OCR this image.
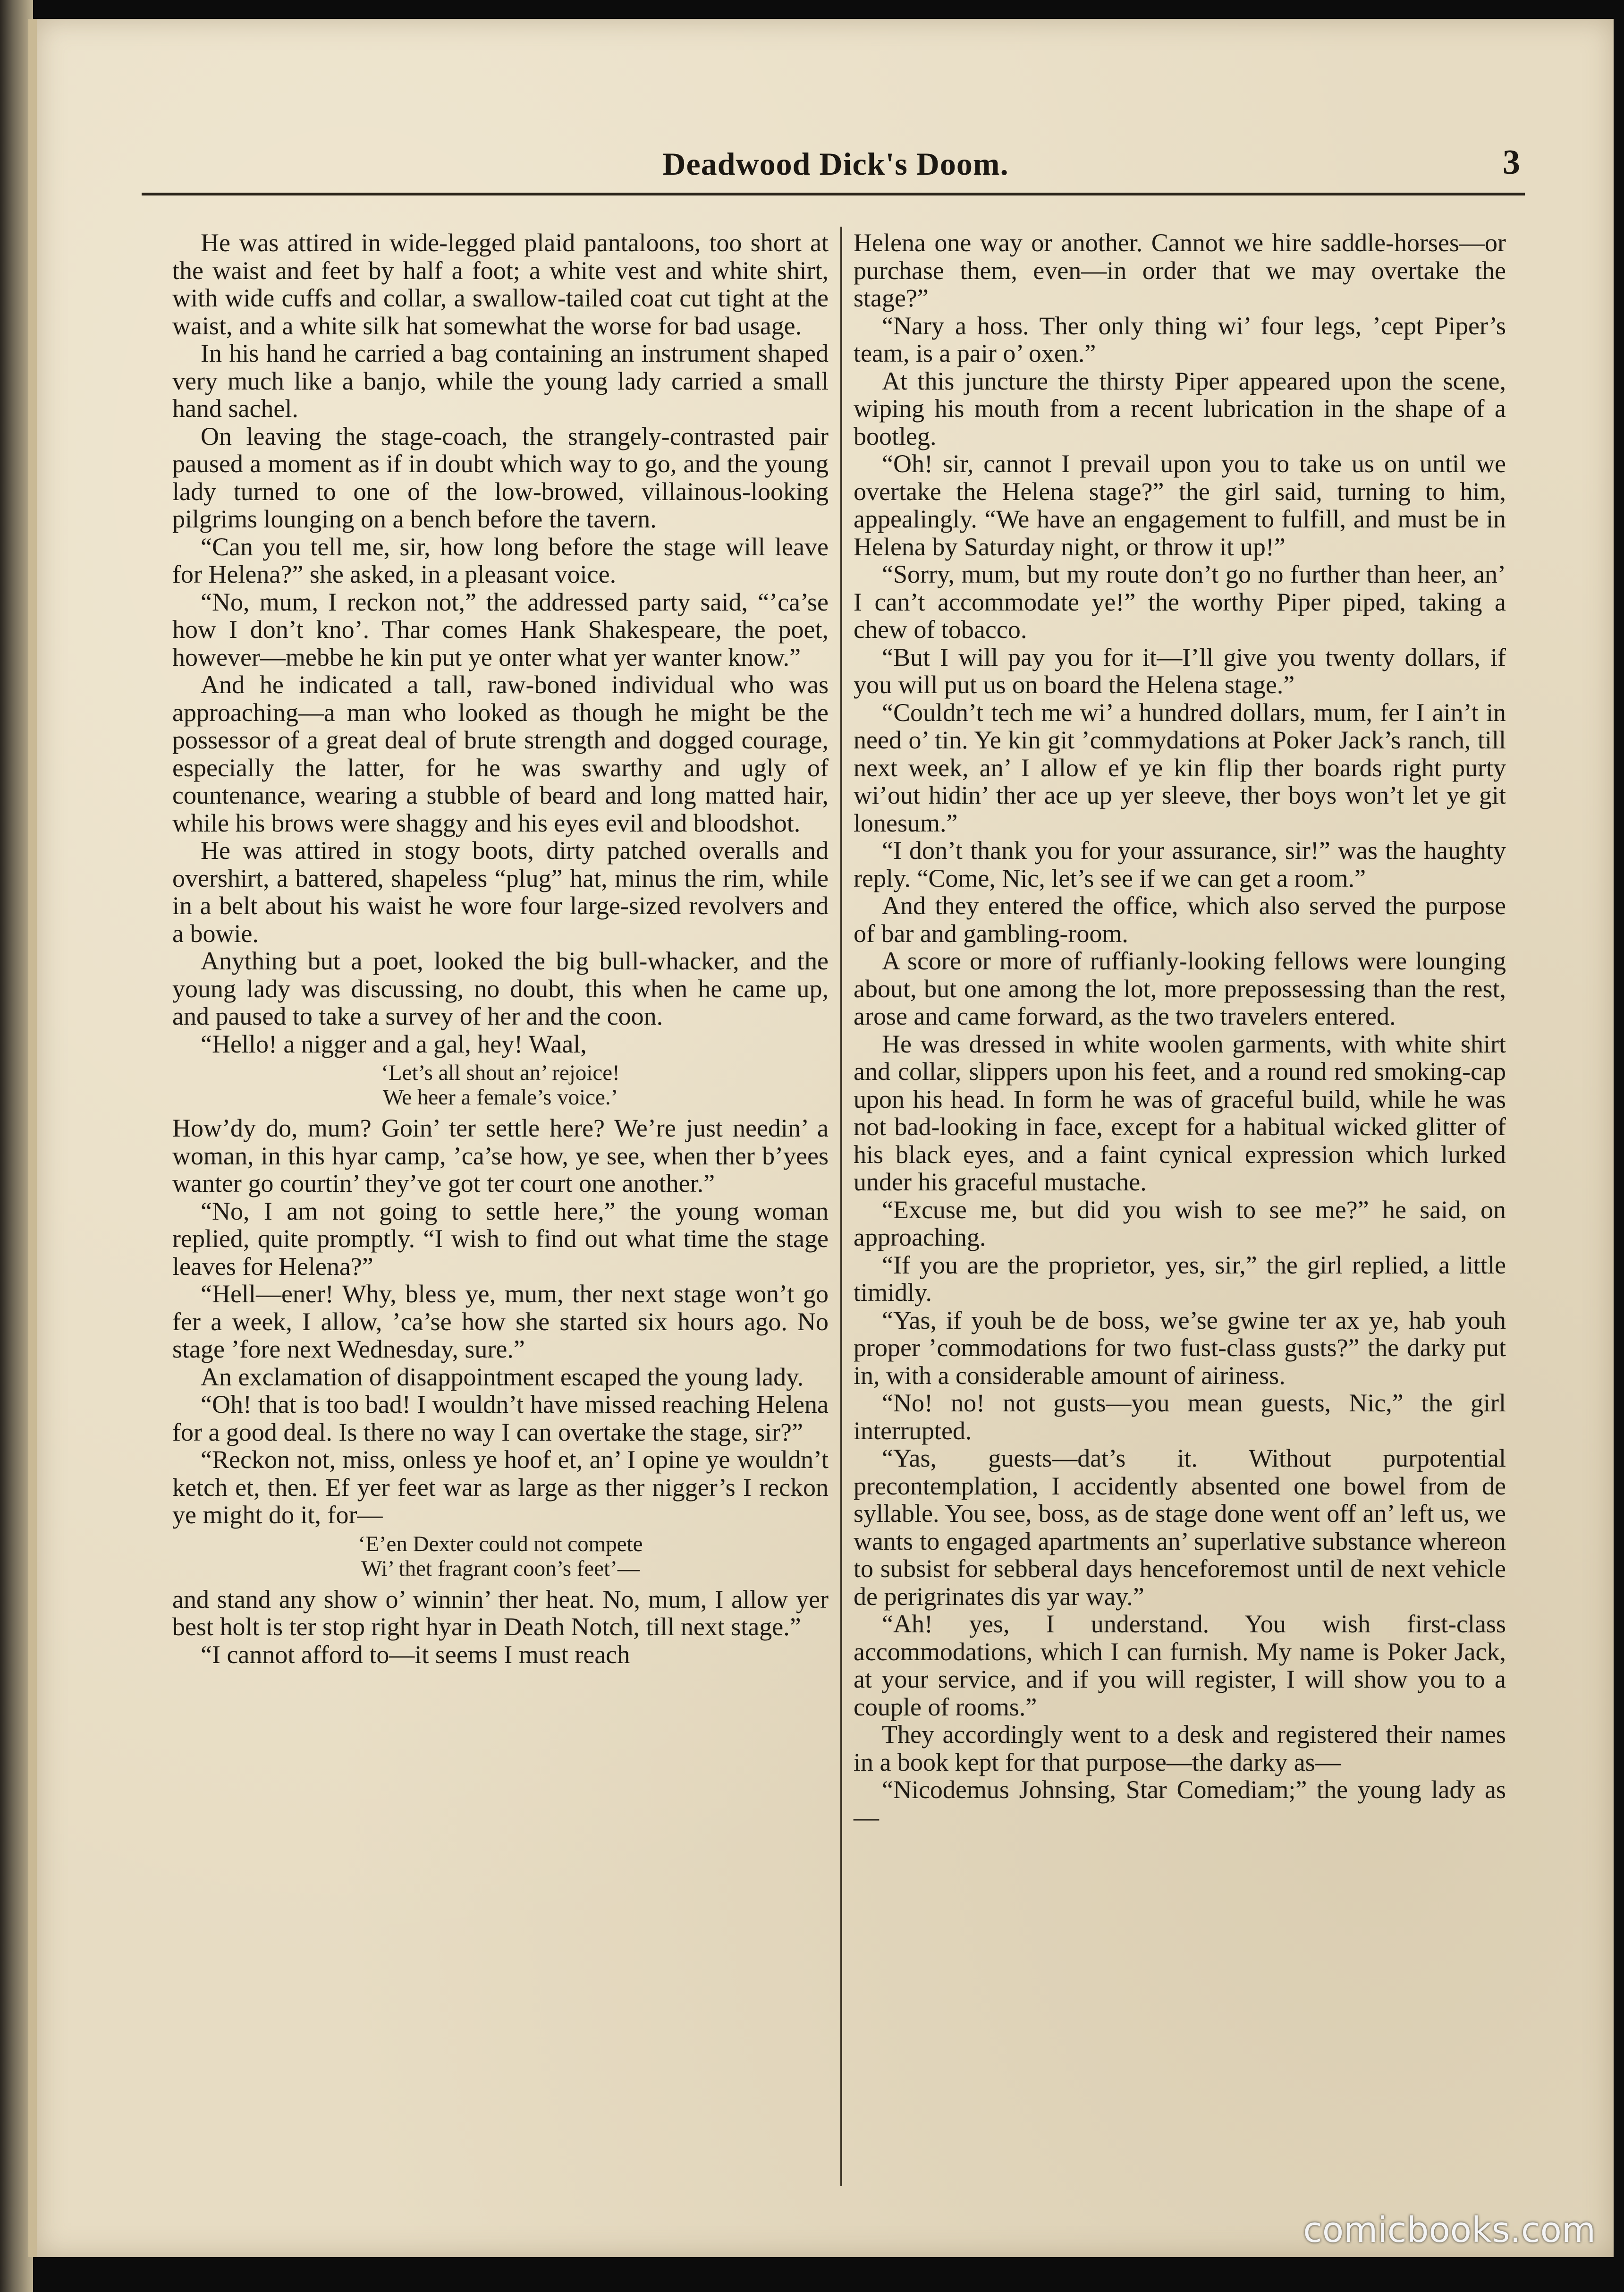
Deadwood Dick's Doom.	3

He was attired in wide-legged plaid pantaloons, too short at the waist and feet by half a foot; a white vest and white shirt, with wide cuffs and collar, a swallow-tailed coat cut tight at the waist, and a white silk hat somewhat the worse for bad usage.

In his hand he carried a bag containing an instrument shaped very much like a banjo, while the young lady carried a small hand sachel.

On leaving the stage-coach, the strangely-contrasted pair paused a moment as if in doubt which way to go, and the young lady turned to one of the low-browed, villainous-looking pilgrims lounging on a bench before the tavern.

“Can you tell me, sir, how long before the stage will leave for Helena?” she asked, in a pleasant voice.

“No, mum, I reckon not,” the addressed party said, “’ca’se how I don’t kno’. Thar comes Hank Shakespeare, the poet, however—mebbe he kin put ye onter what yer wanter know.”

And he indicated a tall, raw-boned individual who was approaching—a man who looked as though he might be the possessor of a great deal of brute strength and dogged courage, especially the latter, for he was swarthy and ugly of countenance, wearing a stubble of beard and long matted hair, while his brows were shaggy and his eyes evil and bloodshot.

He was attired in stogy boots, dirty patched overalls and overshirt, a battered, shapeless “plug” hat, minus the rim, while in a belt about his waist he wore four large-sized revolvers and a bowie.

Anything but a poet, looked the big bull-whacker, and the young lady was discussing, no doubt, this when he came up, and paused to take a survey of her and the coon.

“Hello! a nigger and a gal, hey! Waal,

‘Let’s all shout an’ rejoice!
We heer a female’s voice.’

How’dy do, mum? Goin’ ter settle here? We’re just needin’ a woman, in this hyar camp, ’ca’se how, ye see, when ther b’yees wanter go courtin’ they’ve got ter court one another.”

“No, I am not going to settle here,” the young woman replied, quite promptly. “I wish to find out what time the stage leaves for Helena?”

“Hell—ener! Why, bless ye, mum, ther next stage won’t go fer a week, I allow, ’ca’se how she started six hours ago. No stage ’fore next Wednesday, sure.”

An exclamation of disappointment escaped the young lady.

“Oh! that is too bad! I wouldn’t have missed reaching Helena for a good deal. Is there no way I can overtake the stage, sir?”

“Reckon not, miss, onless ye hoof et, an’ I opine ye wouldn’t ketch et, then. Ef yer feet war as large as ther nigger’s I reckon ye might do it, for—

‘E’en Dexter could not compete
Wi’ thet fragrant coon’s feet’—

and stand any show o’ winnin’ ther heat. No, mum, I allow yer best holt is ter stop right hyar in Death Notch, till next stage.”

“I cannot afford to—it seems I must reach

Helena one way or another. Cannot we hire saddle-horses—or purchase them, even—in order that we may overtake the stage?”

“Nary a hoss. Ther only thing wi’ four legs, ’cept Piper’s team, is a pair o’ oxen.”

At this juncture the thirsty Piper appeared upon the scene, wiping his mouth from a recent lubrication in the shape of a bootleg.

“Oh! sir, cannot I prevail upon you to take us on until we overtake the Helena stage?” the girl said, turning to him, appealingly. “We have an engagement to fulfill, and must be in Helena by Saturday night, or throw it up!”

“Sorry, mum, but my route don’t go no further than heer, an’ I can’t accommodate ye!” the worthy Piper piped, taking a chew of tobacco.

“But I will pay you for it—I’ll give you twenty dollars, if you will put us on board the Helena stage.”

“Couldn’t tech me wi’ a hundred dollars, mum, fer I ain’t in need o’ tin. Ye kin git ’commydations at Poker Jack’s ranch, till next week, an’ I allow ef ye kin flip ther boards right purty wi’out hidin’ ther ace up yer sleeve, ther boys won’t let ye git lonesum.”

“I don’t thank you for your assurance, sir!” was the haughty reply. “Come, Nic, let’s see if we can get a room.”

And they entered the office, which also served the purpose of bar and gambling-room.

A score or more of ruffianly-looking fellows were lounging about, but one among the lot, more prepossessing than the rest, arose and came forward, as the two travelers entered.

He was dressed in white woolen garments, with white shirt and collar, slippers upon his feet, and a round red smoking-cap upon his head. In form he was of graceful build, while he was not bad-looking in face, except for a habitual wicked glitter of his black eyes, and a faint cynical expression which lurked under his graceful mustache.

“Excuse me, but did you wish to see me?” he said, on approaching.

“If you are the proprietor, yes, sir,” the girl replied, a little timidly.

“Yas, if youh be de boss, we’se gwine ter ax ye, hab youh proper ’commodations for two fust-class gusts?” the darky put in, with a considerable amount of airiness.

“No! no! not gusts—you mean guests, Nic,” the girl interrupted.

“Yas, guests—dat’s it. Without purpotential precontemplation, I accidently absented one bowel from de syllable. You see, boss, as de stage done went off an’ left us, we wants to engaged apartments an’ superlative substance whereon to subsist for sebberal days henceforemost until de next vehicle de perigrinates dis yar way.”

“Ah! yes, I understand. You wish first-class accommodations, which I can furnish. My name is Poker Jack, at your service, and if you will register, I will show you to a couple of rooms.”

They accordingly went to a desk and registered their names in a book kept for that purpose—the darky as—

“Nicodemus Johnsing, Star Comediam;” the young lady as—

comicbooks.com
